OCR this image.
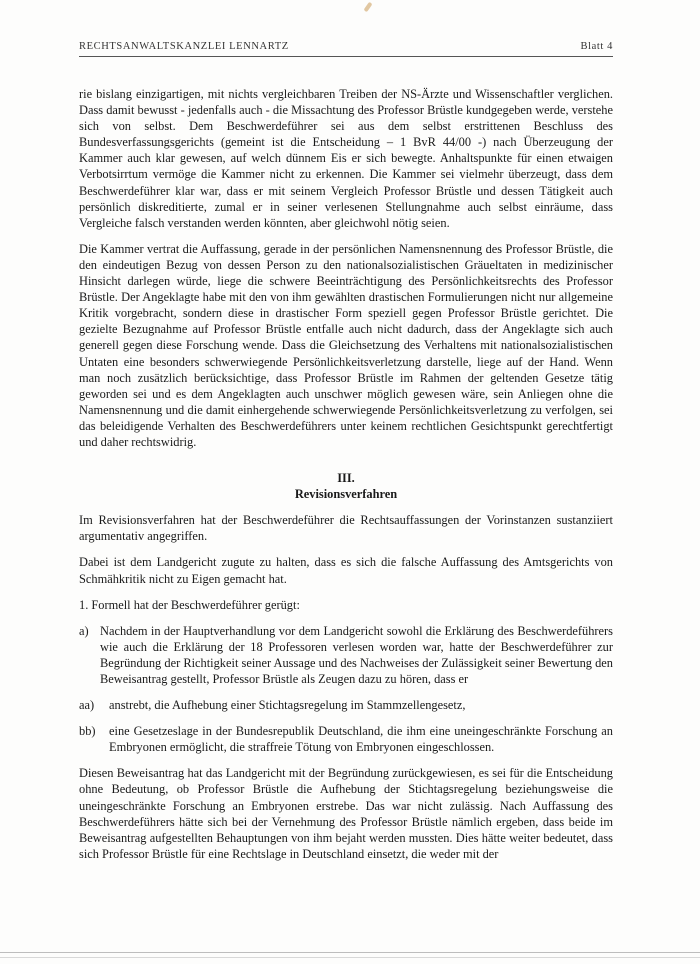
RECHTSANWALTSKANZLEI LENNARTZ	Blatt 4

rie bislang einzigartigen, mit nichts vergleichbaren Treiben der NS-Ärzte und Wissenschaftler verglichen. Dass damit bewusst - jedenfalls auch - die Missachtung des Professor Brüstle kundgegeben werde, verstehe sich von selbst. Dem Beschwerdeführer sei aus dem selbst erstrittenen Beschluss des Bundesverfassungsgerichts (gemeint ist die Entscheidung – 1 BvR 44/00 -) nach Überzeugung der Kammer auch klar gewesen, auf welch dünnem Eis er sich bewegte. Anhaltspunkte für einen etwaigen Verbotsirrtum vermöge die Kammer nicht zu erkennen. Die Kammer sei vielmehr überzeugt, dass dem Beschwerdeführer klar war, dass er mit seinem Vergleich Professor Brüstle und dessen Tätigkeit auch persönlich diskreditierte, zumal er in seiner verlesenen Stellungnahme auch selbst einräume, dass Vergleiche falsch verstanden werden könnten, aber gleichwohl nötig seien.

Die Kammer vertrat die Auffassung, gerade in der persönlichen Namensnennung des Professor Brüstle, die den eindeutigen Bezug von dessen Person zu den nationalsozialistischen Gräueltaten in medizinischer Hinsicht darlegen würde, liege die schwere Beeinträchtigung des Persönlichkeitsrechts des Professor Brüstle. Der Angeklagte habe mit den von ihm gewählten drastischen Formulierungen nicht nur allgemeine Kritik vorgebracht, sondern diese in drastischer Form speziell gegen Professor Brüstle gerichtet. Die gezielte Bezugnahme auf Professor Brüstle entfalle auch nicht dadurch, dass der Angeklagte sich auch generell gegen diese Forschung wende. Dass die Gleichsetzung des Verhaltens mit nationalsozialistischen Untaten eine besonders schwerwiegende Persönlichkeitsverletzung darstelle, liege auf der Hand. Wenn man noch zusätzlich berücksichtige, dass Professor Brüstle im Rahmen der geltenden Gesetze tätig geworden sei und es dem Angeklagten auch unschwer möglich gewesen wäre, sein Anliegen ohne die Namensnennung und die damit einhergehende schwerwiegende Persönlichkeitsverletzung zu verfolgen, sei das beleidigende Verhalten des Beschwerdeführers unter keinem rechtlichen Gesichtspunkt gerechtfertigt und daher rechtswidrig.

III.
Revisionsverfahren

Im Revisionsverfahren hat der Beschwerdeführer die Rechtsauffassungen der Vorinstanzen sustanziiert argumentativ angegriffen.

Dabei ist dem Landgericht zugute zu halten, dass es sich die falsche Auffassung des Amtsgerichts von Schmähkritik nicht zu Eigen gemacht hat.

1. Formell hat der Beschwerdeführer gerügt:

a) Nachdem in der Hauptverhandlung vor dem Landgericht sowohl die Erklärung des Beschwerdeführers wie auch die Erklärung der 18 Professoren verlesen worden war, hatte der Beschwerdeführer zur Begründung der Richtigkeit seiner Aussage und des Nachweises der Zulässigkeit seiner Bewertung den Beweisantrag gestellt, Professor Brüstle als Zeugen dazu zu hören, dass er

aa) anstrebt, die Aufhebung einer Stichtagsregelung im Stammzellengesetz,

bb) eine Gesetzeslage in der Bundesrepublik Deutschland, die ihm eine uneingeschränkte Forschung an Embryonen ermöglicht, die straffreie Tötung von Embryonen eingeschlossen.

Diesen Beweisantrag hat das Landgericht mit der Begründung zurückgewiesen, es sei für die Entscheidung ohne Bedeutung, ob Professor Brüstle die Aufhebung der Stichtagsregelung beziehungsweise die uneingeschränkte Forschung an Embryonen erstrebe. Das war nicht zulässig. Nach Auffassung des Beschwerdeführers hätte sich bei der Vernehmung des Professor Brüstle nämlich ergeben, dass beide im Beweisantrag aufgestellten Behauptungen von ihm bejaht werden mussten. Dies hätte weiter bedeutet, dass sich Professor Brüstle für eine Rechtslage in Deutschland einsetzt, die weder mit der
